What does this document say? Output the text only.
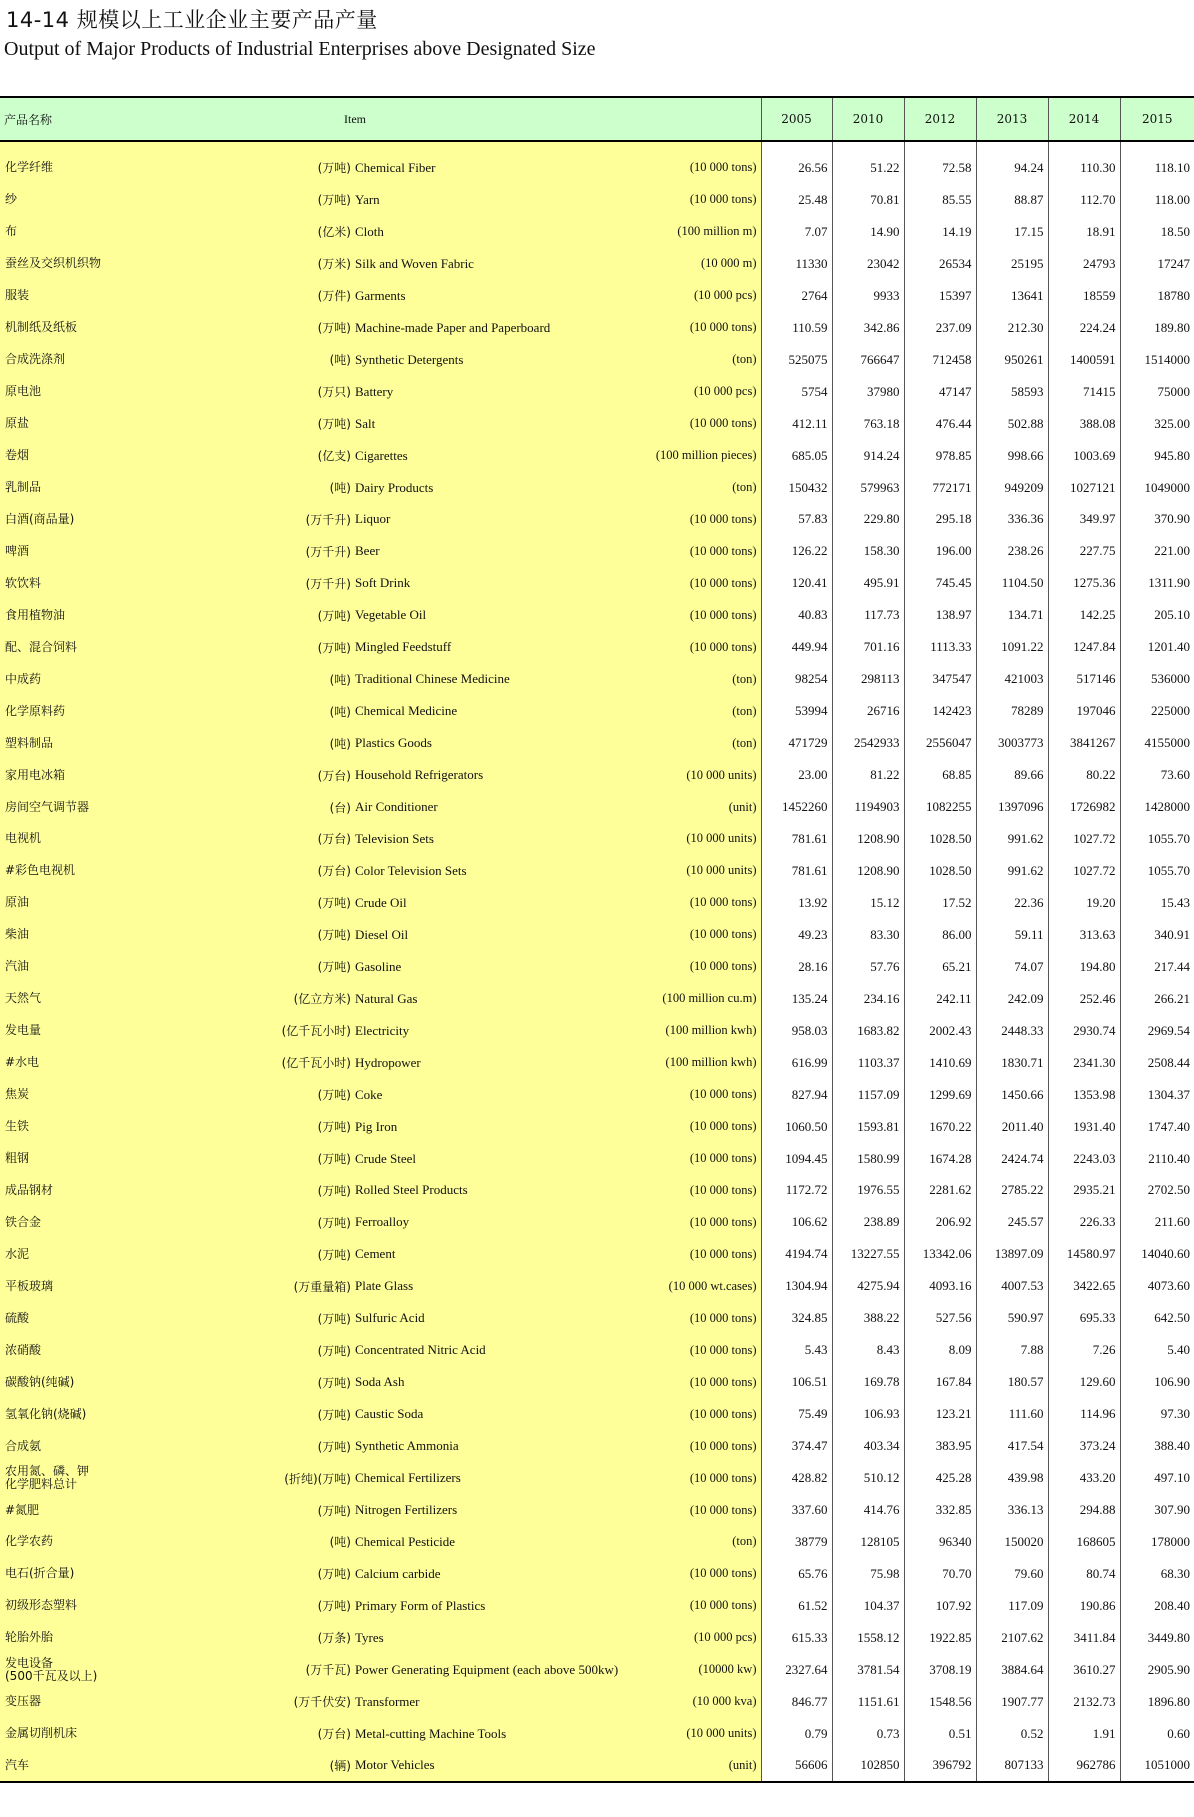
14-14 规模以上工业企业主要产品产量
Output of Major Products of Industrial Enterprises above Designated Size
产品名称 Item	2005	2010	2012	2013	2014	2015

化学纤维 (万吨) Chemical Fiber (10 000 tons)	26.56	51.22	72.58	94.24	110.30	118.10

纱 (万吨) Yarn (10 000 tons)	25.48	70.81	85.55	88.87	112.70	118.00

布 (亿米) Cloth (100 million m)	7.07	14.90	14.19	17.15	18.91	18.50

蚕丝及交织机织物 (万米) Silk and Woven Fabric (10 000 m)	11330	23042	26534	25195	24793	17247

服装 (万件) Garments (10 000 pcs)	2764	9933	15397	13641	18559	18780

机制纸及纸板 (万吨) Machine-made Paper and Paperboard (10 000 tons)	110.59	342.86	237.09	212.30	224.24	189.80

合成洗涤剂 (吨) Synthetic Detergents (ton)	525075	766647	712458	950261	1400591	1514000

原电池 (万只) Battery (10 000 pcs)	5754	37980	47147	58593	71415	75000

原盐 (万吨) Salt (10 000 tons)	412.11	763.18	476.44	502.88	388.08	325.00

卷烟 (亿支) Cigarettes (100 million pieces)	685.05	914.24	978.85	998.66	1003.69	945.80

乳制品 (吨) Dairy Products (ton)	150432	579963	772171	949209	1027121	1049000

白酒(商品量) (万千升) Liquor (10 000 tons)	57.83	229.80	295.18	336.36	349.97	370.90

啤酒 (万千升) Beer (10 000 tons)	126.22	158.30	196.00	238.26	227.75	221.00

软饮料 (万千升) Soft Drink (10 000 tons)	120.41	495.91	745.45	1104.50	1275.36	1311.90

食用植物油 (万吨) Vegetable Oil (10 000 tons)	40.83	117.73	138.97	134.71	142.25	205.10

配、混合饲料 (万吨) Mingled Feedstuff (10 000 tons)	449.94	701.16	1113.33	1091.22	1247.84	1201.40

中成药 (吨) Traditional Chinese Medicine (ton)	98254	298113	347547	421003	517146	536000

化学原料药 (吨) Chemical Medicine (ton)	53994	26716	142423	78289	197046	225000

塑料制品 (吨) Plastics Goods (ton)	471729	2542933	2556047	3003773	3841267	4155000

家用电冰箱 (万台) Household Refrigerators (10 000 units)	23.00	81.22	68.85	89.66	80.22	73.60

房间空气调节器 (台) Air Conditioner (unit)	1452260	1194903	1082255	1397096	1726982	1428000

电视机 (万台) Television Sets (10 000 units)	781.61	1208.90	1028.50	991.62	1027.72	1055.70

#彩色电视机 (万台) Color Television Sets (10 000 units)	781.61	1208.90	1028.50	991.62	1027.72	1055.70

原油 (万吨) Crude Oil (10 000 tons)	13.92	15.12	17.52	22.36	19.20	15.43

柴油 (万吨) Diesel Oil (10 000 tons)	49.23	83.30	86.00	59.11	313.63	340.91

汽油 (万吨) Gasoline (10 000 tons)	28.16	57.76	65.21	74.07	194.80	217.44

天然气 (亿立方米) Natural Gas (100 million cu.m)	135.24	234.16	242.11	242.09	252.46	266.21

发电量 (亿千瓦小时) Electricity (100 million kwh)	958.03	1683.82	2002.43	2448.33	2930.74	2969.54

#水电 (亿千瓦小时) Hydropower (100 million kwh)	616.99	1103.37	1410.69	1830.71	2341.30	2508.44

焦炭 (万吨) Coke (10 000 tons)	827.94	1157.09	1299.69	1450.66	1353.98	1304.37

生铁 (万吨) Pig Iron (10 000 tons)	1060.50	1593.81	1670.22	2011.40	1931.40	1747.40

粗钢 (万吨) Crude Steel (10 000 tons)	1094.45	1580.99	1674.28	2424.74	2243.03	2110.40

成品钢材 (万吨) Rolled Steel Products (10 000 tons)	1172.72	1976.55	2281.62	2785.22	2935.21	2702.50

铁合金 (万吨) Ferroalloy (10 000 tons)	106.62	238.89	206.92	245.57	226.33	211.60

水泥 (万吨) Cement (10 000 tons)	4194.74	13227.55	13342.06	13897.09	14580.97	14040.60

平板玻璃 (万重量箱) Plate Glass (10 000 wt.cases)	1304.94	4275.94	4093.16	4007.53	3422.65	4073.60

硫酸 (万吨) Sulfuric Acid (10 000 tons)	324.85	388.22	527.56	590.97	695.33	642.50

浓硝酸 (万吨) Concentrated Nitric Acid (10 000 tons)	5.43	8.43	8.09	7.88	7.26	5.40

碳酸钠(纯碱) (万吨) Soda Ash (10 000 tons)	106.51	169.78	167.84	180.57	129.60	106.90

氢氧化钠(烧碱) (万吨) Caustic Soda (10 000 tons)	75.49	106.93	123.21	111.60	114.96	97.30

合成氨 (万吨) Synthetic Ammonia (10 000 tons)	374.47	403.34	383.95	417.54	373.24	388.40

农用氮、磷、钾
化学肥料总计 (折纯)(万吨) Chemical Fertilizers (10 000 tons)	428.82	510.12	425.28	439.98	433.20	497.10

#氮肥 (万吨) Nitrogen Fertilizers (10 000 tons)	337.60	414.76	332.85	336.13	294.88	307.90

化学农药 (吨) Chemical Pesticide (ton)	38779	128105	96340	150020	168605	178000

电石(折合量) (万吨) Calcium carbide (10 000 tons)	65.76	75.98	70.70	79.60	80.74	68.30

初级形态塑料 (万吨) Primary Form of Plastics (10 000 tons)	61.52	104.37	107.92	117.09	190.86	208.40

轮胎外胎 (万条) Tyres (10 000 pcs)	615.33	1558.12	1922.85	2107.62	3411.84	3449.80

发电设备
(500千瓦及以上) (万千瓦) Power Generating Equipment (each above 500kw) (10000 kw)	2327.64	3781.54	3708.19	3884.64	3610.27	2905.90

变压器 (万千伏安) Transformer (10 000 kva)	846.77	1151.61	1548.56	1907.77	2132.73	1896.80

金属切削机床 (万台) Metal-cutting Machine Tools (10 000 units)	0.79	0.73	0.51	0.52	1.91	0.60

汽车 (辆) Motor Vehicles (unit)	56606	102850	396792	807133	962786	1051000
